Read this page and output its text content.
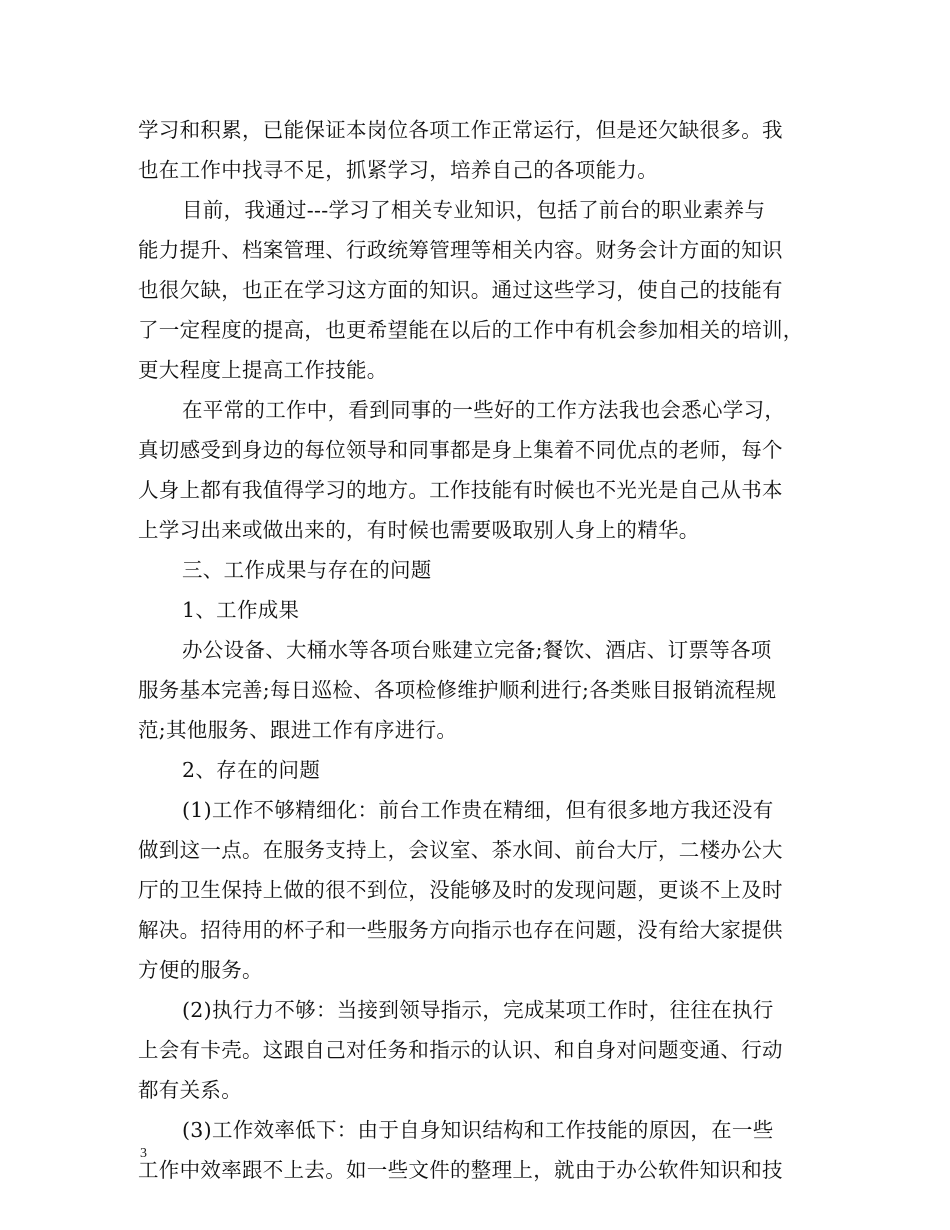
学习和积累，已能保证本岗位各项工作正常运行，但是还欠缺很多。我
也在工作中找寻不足，抓紧学习，培养自己的各项能力。
目前，我通过---学习了相关专业知识，包括了前台的职业素养与
能力提升、档案管理、行政统筹管理等相关内容。财务会计方面的知识
也很欠缺，也正在学习这方面的知识。通过这些学习，使自己的技能有
了一定程度的提高，也更希望能在以后的工作中有机会参加相关的培训，
更大程度上提高工作技能。
在平常的工作中，看到同事的一些好的工作方法我也会悉心学习，
真切感受到身边的每位领导和同事都是身上集着不同优点的老师，每个
人身上都有我值得学习的地方。工作技能有时候也不光光是自己从书本
上学习出来或做出来的，有时候也需要吸取别人身上的精华。
三、工作成果与存在的问题
1、工作成果
办公设备、大桶水等各项台账建立完备;餐饮、酒店、订票等各项
服务基本完善;每日巡检、各项检修维护顺利进行;各类账目报销流程规
范;其他服务、跟进工作有序进行。
2、存在的问题
(1)工作不够精细化：前台工作贵在精细，但有很多地方我还没有
做到这一点。在服务支持上，会议室、茶水间、前台大厅，二楼办公大
厅的卫生保持上做的很不到位，没能够及时的发现问题，更谈不上及时
解决。招待用的杯子和一些服务方向指示也存在问题，没有给大家提供
方便的服务。
(2)执行力不够：当接到领导指示，完成某项工作时，往往在执行
上会有卡壳。这跟自己对任务和指示的认识、和自身对问题变通、行动
都有关系。
(3)工作效率低下：由于自身知识结构和工作技能的原因，在一些
工作中效率跟不上去。如一些文件的整理上，就由于办公软件知识和技
3
